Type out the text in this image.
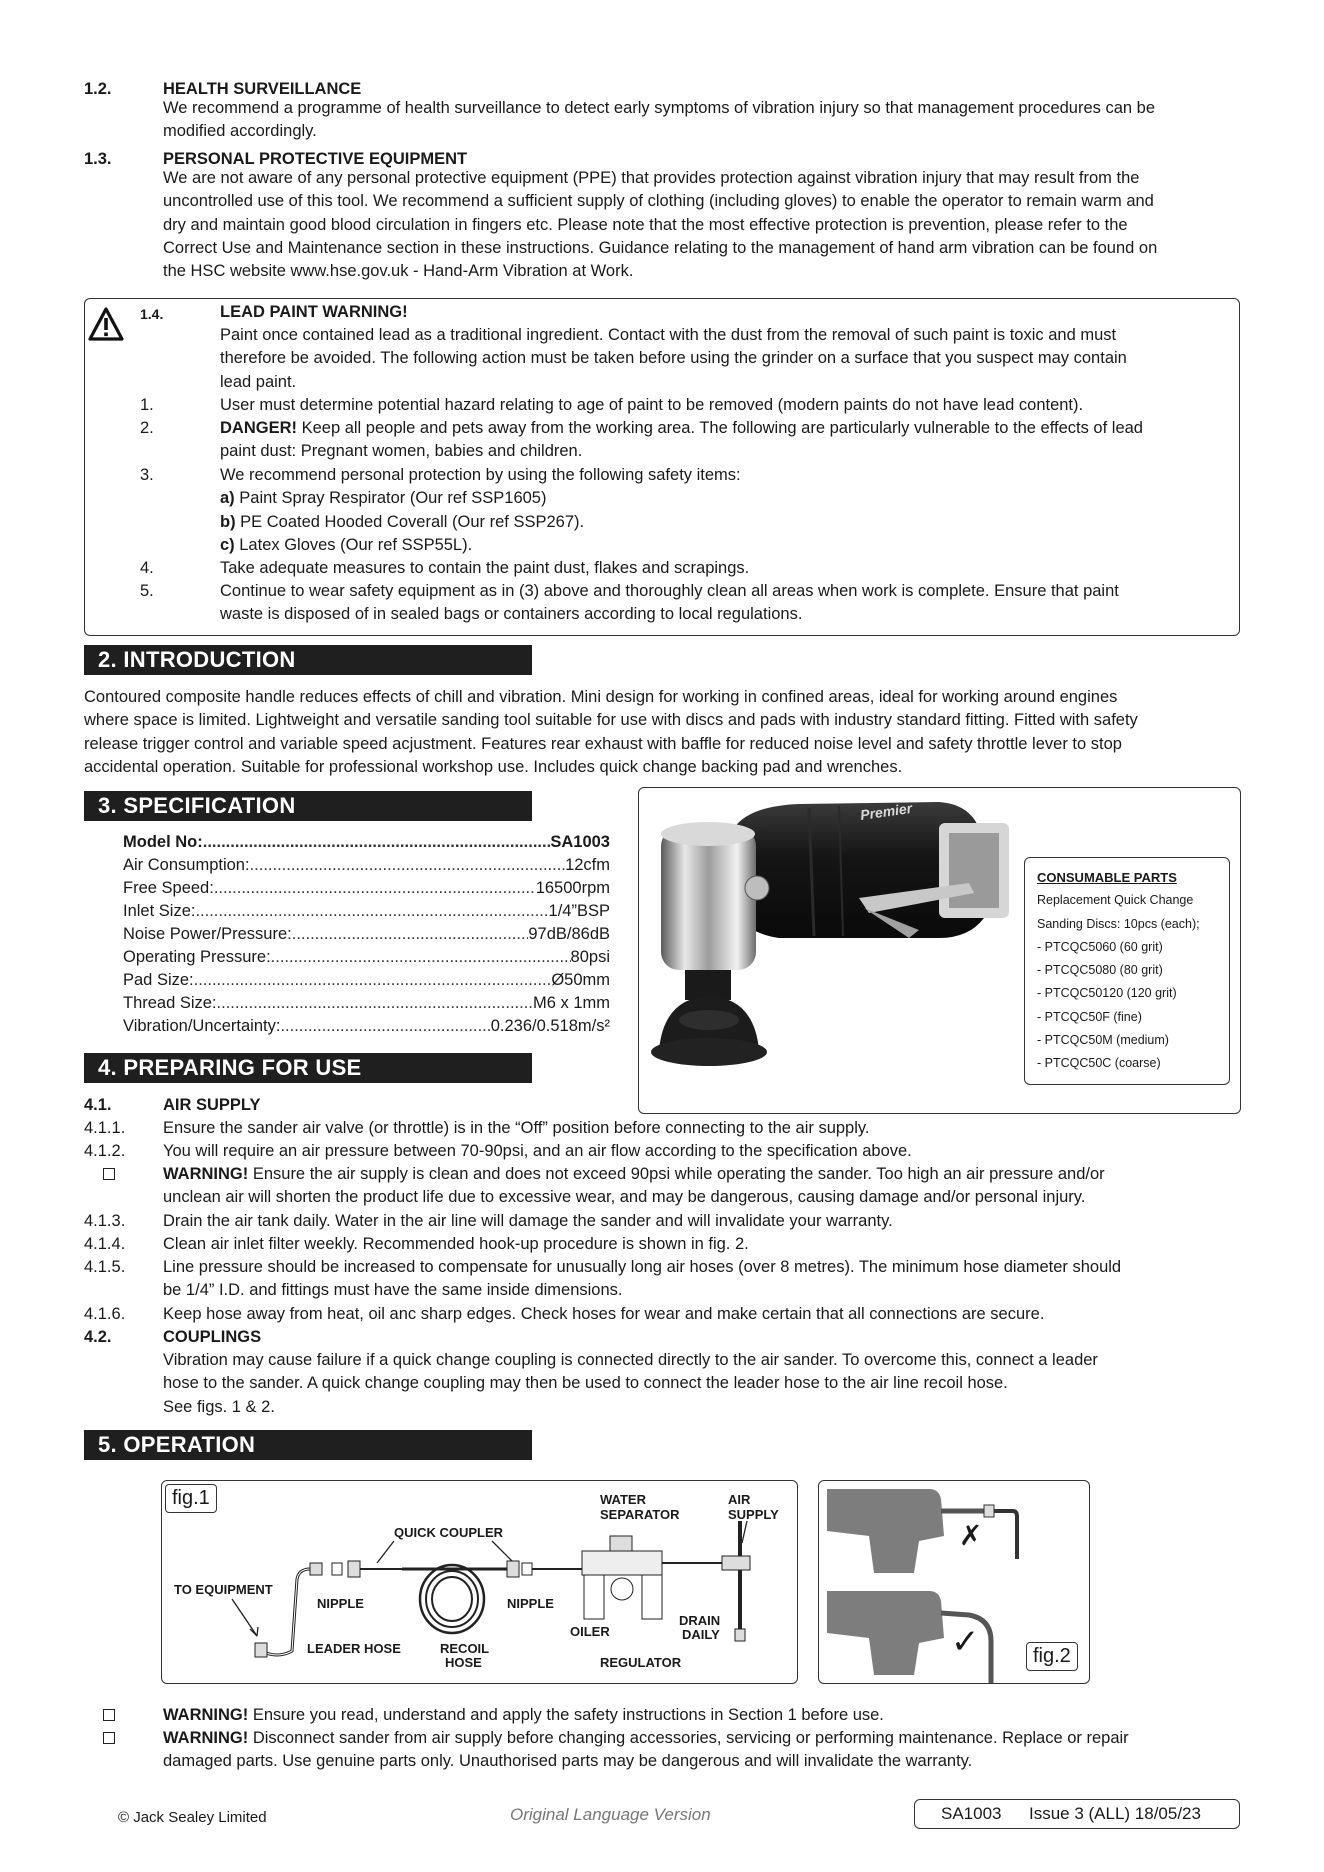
1.2.	HEALTH SURVEILLANCE
We recommend a programme of health surveillance to detect early symptoms of vibration injury so that management procedures can be
modified accordingly.
1.3.	PERSONAL PROTECTIVE EQUIPMENT
We are not aware of any personal protective equipment (PPE) that provides protection against vibration injury that may result from the
uncontrolled use of this tool. We recommend a sufficient supply of clothing (including gloves) to enable the operator to remain warm and
dry and maintain good blood circulation in fingers etc. Please note that the most effective protection is prevention, please refer to the
Correct Use and Maintenance section in these instructions. Guidance relating to the management of hand arm vibration can be found on
the HSC website www.hse.gov.uk - Hand-Arm Vibration at Work.
1.4.	LEAD PAINT WARNING!
Paint once contained lead as a traditional ingredient. Contact with the dust from the removal of such paint is toxic and must
therefore be avoided. The following action must be taken before using the grinder on a surface that you suspect may contain
lead paint.
1.	User must determine potential hazard relating to age of paint to be removed (modern paints do not have lead content).
2.	DANGER! Keep all people and pets away from the working area. The following are particularly vulnerable to the effects of lead
paint dust: Pregnant women, babies and children.
3.	We recommend personal protection by using the following safety items:
a) Paint Spray Respirator (Our ref SSP1605)
b) PE Coated Hooded Coverall (Our ref SSP267).
c) Latex Gloves (Our ref SSP55L).
4.	Take adequate measures to contain the paint dust, flakes and scrapings.
5.	Continue to wear safety equipment as in (3) above and thoroughly clean all areas when work is complete. Ensure that paint
waste is disposed of in sealed bags or containers according to local regulations.
2. INTRODUCTION
Contoured composite handle reduces effects of chill and vibration. Mini design for working in confined areas, ideal for working around engines
where space is limited. Lightweight and versatile sanding tool suitable for use with discs and pads with industry standard fitting. Fitted with safety
release trigger control and variable speed acjustment. Features rear exhaust with baffle for reduced noise level and safety throttle lever to stop
accidental operation. Suitable for professional workshop use. Includes quick change backing pad and wrenches.
3. SPECIFICATION
Model No: .....	SA1003
Air Consumption: .....	12cfm
Free Speed: .....	16500rpm
Inlet Size: .....	1/4”BSP
Noise Power/Pressure: .....	97dB/86dB
Operating Pressure: .....	80psi
Pad Size: .....	Ø50mm
Thread Size: .....	M6 x 1mm
Vibration/Uncertainty: .....	0.236/0.518m/s²
Premier
CONSUMABLE PARTS
Replacement Quick Change
Sanding Discs: 10pcs (each);
- PTCQC5060 (60 grit)
- PTCQC5080 (80 grit)
- PTCQC50120 (120 grit)
- PTCQC50F (fine)
- PTCQC50M (medium)
- PTCQC50C (coarse)
4. PREPARING FOR USE
4.1.	AIR SUPPLY
4.1.1.	Ensure the sander air valve (or throttle) is in the “Off” position before connecting to the air supply.
4.1.2.	You will require an air pressure between 70-90psi, and an air flow according to the specification above.
WARNING! Ensure the air supply is clean and does not exceed 90psi while operating the sander. Too high an air pressure and/or
unclean air will shorten the product life due to excessive wear, and may be dangerous, causing damage and/or personal injury.
4.1.3.	Drain the air tank daily. Water in the air line will damage the sander and will invalidate your warranty.
4.1.4.	Clean air inlet filter weekly. Recommended hook-up procedure is shown in fig. 2.
4.1.5.	Line pressure should be increased to compensate for unusually long air hoses (over 8 metres). The minimum hose diameter should
be 1/4” I.D. and fittings must have the same inside dimensions.
4.1.6.	Keep hose away from heat, oil anc sharp edges. Check hoses for wear and make certain that all connections are secure.
4.2.	COUPLINGS
Vibration may cause failure if a quick change coupling is connected directly to the air sander. To overcome this, connect a leader
hose to the sander. A quick change coupling may then be used to connect the leader hose to the air line recoil hose.
See figs. 1 & 2.
5. OPERATION
WATER
SEPARATOR
AIR
SUPPLY
QUICK COUPLER
TO EQUIPMENT
NIPPLE	NIPPLE
OILER
DRAIN
DAILY
LEADER HOSE	RECOIL
HOSE	REGULATOR
fig.1
✗
✓	fig.2
WARNING! Ensure you read, understand and apply the safety instructions in Section 1 before use.
WARNING! Disconnect sander from air supply before changing accessories, servicing or performing maintenance. Replace or repair
damaged parts. Use genuine parts only. Unauthorised parts may be dangerous and will invalidate the warranty.
© Jack Sealey Limited	Original Language Version	SA1003 Issue 3 (ALL) 18/05/23
